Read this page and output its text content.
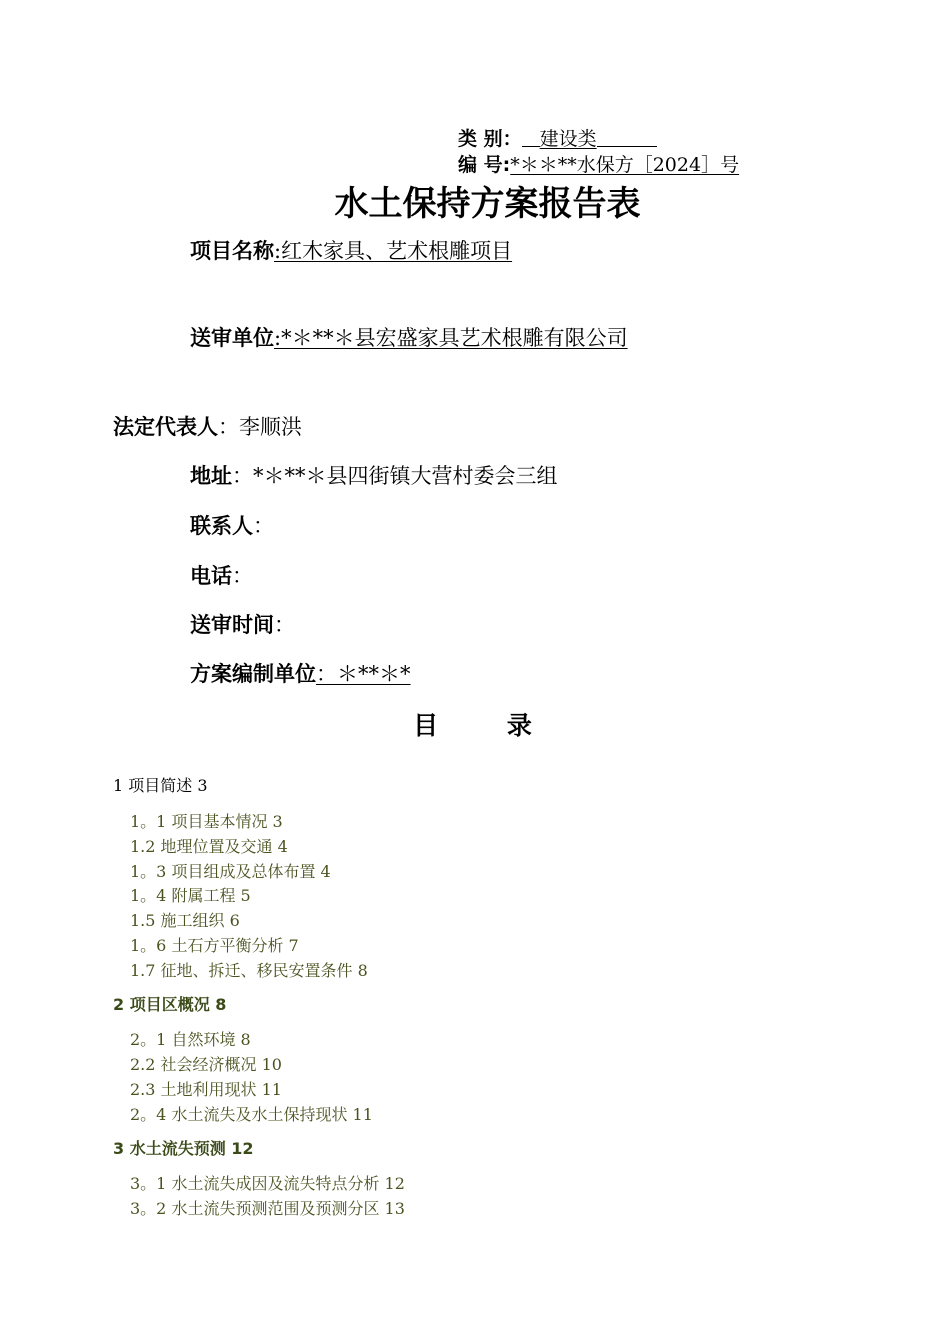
类 别： 建设类
编 号:*＊＊**水保方［2024］号
水土保持方案报告表
项目名称:红木家具、艺术根雕项目
送审单位:*＊**＊县宏盛家具艺术根雕有限公司
法定代表人：李顺洪
地址：*＊**＊县四街镇大营村委会三组
联系人：
电话：
送审时间：
方案编制单位：＊**＊*
目 录
1 项目简述 3
1。1 项目基本情况 3
1.2 地理位置及交通 4
1。3 项目组成及总体布置 4
1。4 附属工程 5
1.5 施工组织 6
1。6 土石方平衡分析 7
1.7 征地、拆迁、移民安置条件 8
2 项目区概况 8
2。1 自然环境 8
2.2 社会经济概况 10
2.3 土地利用现状 11
2。4 水土流失及水土保持现状 11
3 水土流失预测 12
3。1 水土流失成因及流失特点分析 12
3。2 水土流失预测范围及预测分区 13
